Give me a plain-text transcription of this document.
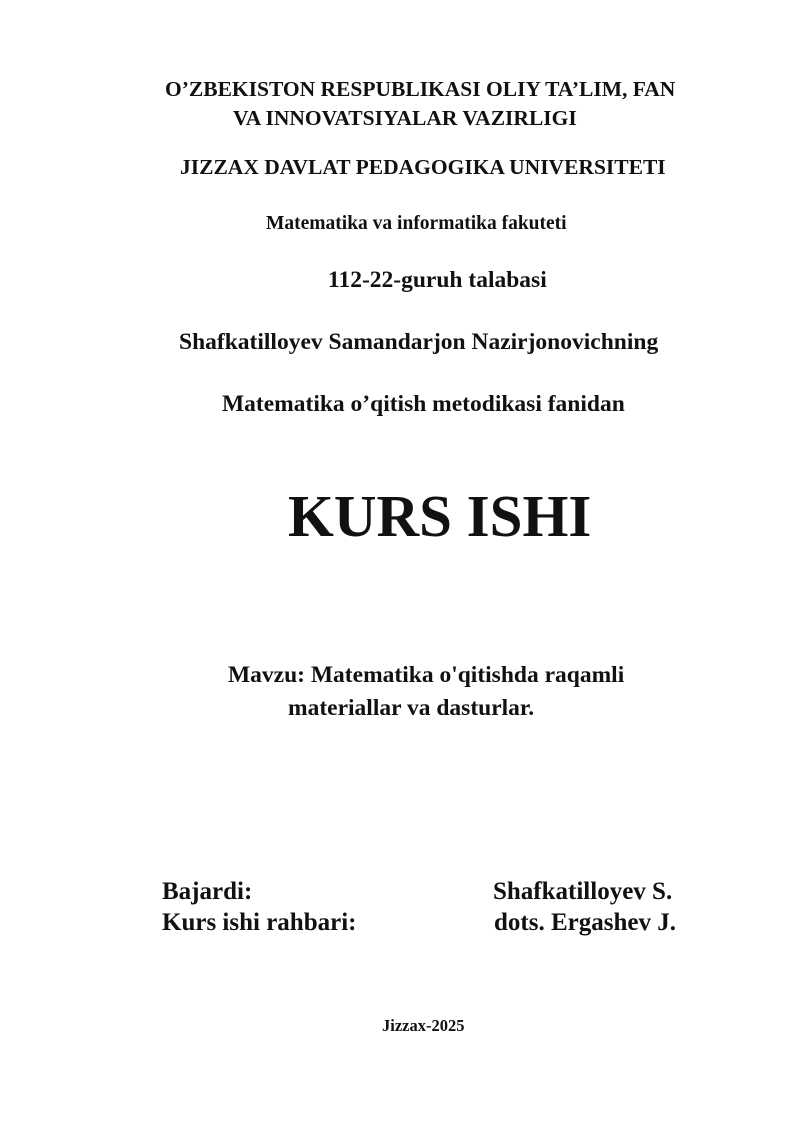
O’ZBEKISTON RESPUBLIKASI OLIY TA’LIM, FAN
VA INNOVATSIYALAR VAZIRLIGI
JIZZAX DAVLAT PEDAGOGIKA UNIVERSITETI
Matematika va informatika fakuteti
112-22-guruh talabasi
Shafkatilloyev Samandarjon Nazirjonovichning
Matematika o’qitish metodikasi fanidan
KURS ISHI
Mavzu: Matematika o'qitishda raqamli
materiallar va dasturlar.
Bajardi:	Shafkatilloyev S.
Kurs ishi rahbari:	dots. Ergashev J.
Jizzax-2025
